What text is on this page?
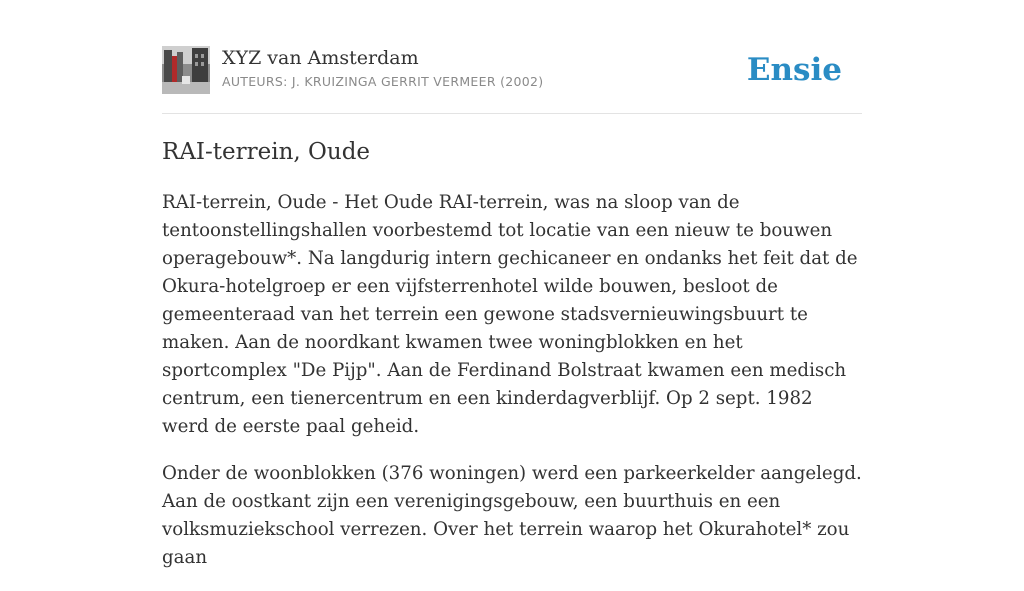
XYZ van Amsterdam
AUTEURS: J. KRUIZINGA GERRIT VERMEER (2002)	Ensie
RAI-terrein, Oude

RAI-terrein, Oude - Het Oude RAI-terrein, was na sloop van de tentoonstellingshallen voorbestemd tot locatie van een nieuw te bouwen operagebouw*. Na langdurig intern gechicaneer en ondanks het feit dat de Okura-hotelgroep er een vijfsterrenhotel wilde bouwen, besloot de gemeenteraad van het terrein een gewone stadsvernieuwingsbuurt te maken. Aan de noordkant kwamen twee woningblokken en het sportcomplex "De Pijp". Aan de Ferdinand Bolstraat kwamen een medisch centrum, een tienercentrum en een kinderdagverblijf. Op 2 sept. 1982 werd de eerste paal geheid.

Onder de woonblokken (376 woningen) werd een parkeerkelder aangelegd. Aan de oostkant zijn een verenigingsgebouw, een buurthuis en een volksmuziekschool verrezen. Over het terrein waarop het Okurahotel* zou gaan
